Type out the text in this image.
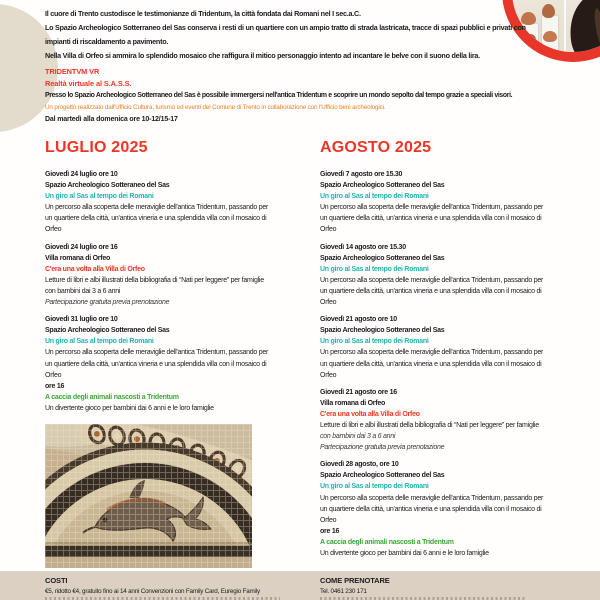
Il cuore di Trento custodisce le testimonianze di Tridentum, la città fondata dai Romani nel I sec.a.C.
Lo Spazio Archeologico Sotterraneo del Sas conserva i resti di un quartiere con un ampio tratto di strada lastricata, tracce di spazi pubblici e privati con
impianti di riscaldamento a pavimento.
Nella Villa di Orfeo si ammira lo splendido mosaico che raffigura il mitico personaggio intento ad incantare le belve con il suono della lira.
TRIDENTVM VR
Realtà virtuale al S.A.S.S.
Presso lo Spazio Archeologico Sotterraneo del Sas è possibile immergersi nell'antica Tridentum e scoprire un mondo sepolto dal tempo grazie a speciali visori.
Un progetto realizzato dall'Ufficio Cultura, turismo ed eventi del Comune di Trento in collaborazione con l'Ufficio beni archeologici.
Dal martedì alla domenica ore 10-12/15-17
LUGLIO 2025
Giovedì 24 luglio ore 10
Spazio Archeologico Sotteraneo del Sas
Un giro al Sas al tempo dei Romani
Un percorso alla scoperta delle meraviglie dell'antica Tridentum, passando per
un quartiere della città, un'antica vineria e una splendida villa con il mosaico di
Orfeo
Giovedì 24 luglio ore 16
Villa romana di Orfeo
C'era una volta alla Villa di Orfeo
Letture di libri e albi illustrati della bibliografia di “Nati per leggere” per famiglie
con bambini dai 3 a 6 anni
Partecipazione gratuita previa prenotazione
Giovedì 31 luglio ore 10
Spazio Archeologico Sotteraneo del Sas
Un giro al Sas al tempo dei Romani
Un percorso alla scoperta delle meraviglie dell'antica Tridentum, passando per
un quartiere della città, un'antica vineria e una splendida villa con il mosaico di
Orfeo
ore 16
A caccia degli animali nascosti a Tridentum
Un divertente gioco per bambini dai 6 anni e le loro famiglie
AGOSTO 2025
Giovedì 7 agosto ore 15.30
Spazio Archeologico Sotteraneo del Sas
Un giro al Sas al tempo dei Romani
Un percorso alla scoperta delle meraviglie dell'antica Tridentum, passando per
un quartiere della città, un'antica vineria e una splendida villa con il mosaico di
Orfeo
Giovedì 14 agosto ore 15.30
Spazio Archeologico Sotteraneo del Sas
Un giro al Sas al tempo dei Romani
Un percorso alla scoperta delle meraviglie dell'antica Tridentum, passando per
un quartiere della città, un'antica vineria e una splendida villa con il mosaico di
Orfeo
Giovedì 21 agosto ore 10
Spazio Archeologico Sotteraneo del Sas
Un giro al Sas al tempo dei Romani
Un percorso alla scoperta delle meraviglie dell'antica Tridentum, passando per
un quartiere della città, un'antica vineria e una splendida villa con il mosaico di
Orfeo
Giovedì 21 agosto ore 16
Villa romana di Orfeo
C'era una volta alla Villa di Orfeo
Letture di libri e albi illustrati della bibliografia di “Nati per leggere” per famiglie
con bambini dai 3 a 6 anni
Partecipazione gratuita previa prenotazione
Giovedì 28 agosto, ore 10
Spazio Archeologico Sotteraneo del Sas
Un giro al Sas al tempo dei Romani
Un percorso alla scoperta delle meraviglie dell'antica Tridentum, passando per
un quartiere della città, un'antica vineria e una splendida villa con il mosaico di
Orfeo
ore 16
A caccia degli animali nascosti a Tridentum
Un divertente gioco per bambini dai 6 anni e le loro famiglie
COSTI
€5, ridotto €4, gratuito fino ai 14 anni Convenzioni con Family Card, Euregio Family
COME PRENOTARE
Tel. 0461 230 171
